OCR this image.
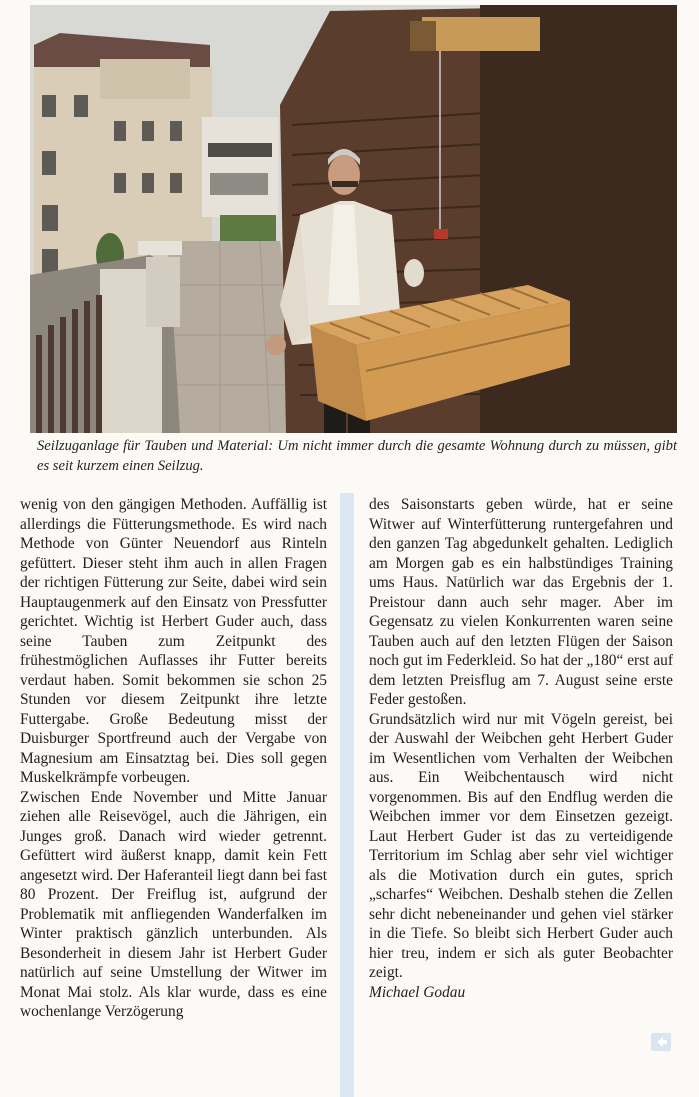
Seilzuganlage für Tauben und Material: Um nicht immer durch die gesamte Wohnung durch zu müssen, gibt es seit kurzem einen Seilzug.

wenig von den gängigen Methoden. Auffällig ist allerdings die Fütterungsmethode. Es wird nach Methode von Günter Neuendorf aus Rinteln gefüttert. Dieser steht ihm auch in allen Fragen der richtigen Fütterung zur Seite, dabei wird sein Hauptaugenmerk auf den Einsatz von Pressfutter gerichtet. Wichtig ist Herbert Guder auch, dass seine Tauben zum Zeitpunkt des frühestmöglichen Auflasses ihr Futter bereits verdaut haben. Somit bekommen sie schon 25 Stunden vor diesem Zeitpunkt ihre letzte Futtergabe. Große Bedeutung misst der Duisburger Sportfreund auch der Vergabe von Magnesium am Einsatztag bei. Dies soll gegen Muskelkrämpfe vorbeugen.

Zwischen Ende November und Mitte Januar ziehen alle Reisevögel, auch die Jährigen, ein Junges groß. Danach wird wieder getrennt. Gefüttert wird äußerst knapp, damit kein Fett angesetzt wird. Der Haferanteil liegt dann bei fast 80 Prozent. Der Freiflug ist, aufgrund der Problematik mit anfliegenden Wanderfalken im Winter praktisch gänzlich unterbunden. Als Besonderheit in diesem Jahr ist Herbert Guder natürlich auf seine Umstellung der Witwer im Monat Mai stolz. Als klar wurde, dass es eine wochenlange Verzögerung

des Saisonstarts geben würde, hat er seine Witwer auf Winterfütterung runtergefahren und den ganzen Tag abgedunkelt gehalten. Lediglich am Morgen gab es ein halbstündiges Training ums Haus. Natürlich war das Ergebnis der 1. Preistour dann auch sehr mager. Aber im Gegensatz zu vielen Konkurrenten waren seine Tauben auch auf den letzten Flügen der Saison noch gut im Federkleid. So hat der „180“ erst auf dem letzten Preisflug am 7. August seine erste Feder gestoßen.

Grundsätzlich wird nur mit Vögeln gereist, bei der Auswahl der Weibchen geht Herbert Guder im Wesentlichen vom Verhalten der Weibchen aus. Ein Weibchentausch wird nicht vorgenommen. Bis auf den Endflug werden die Weibchen immer vor dem Einsetzen gezeigt. Laut Herbert Guder ist das zu verteidigende Territorium im Schlag aber sehr viel wichtiger als die Motivation durch ein gutes, sprich „scharfes“ Weibchen. Deshalb stehen die Zellen sehr dicht nebeneinander und gehen viel stärker in die Tiefe. So bleibt sich Herbert Guder auch hier treu, indem er sich als guter Beobachter zeigt.

Michael Godau
